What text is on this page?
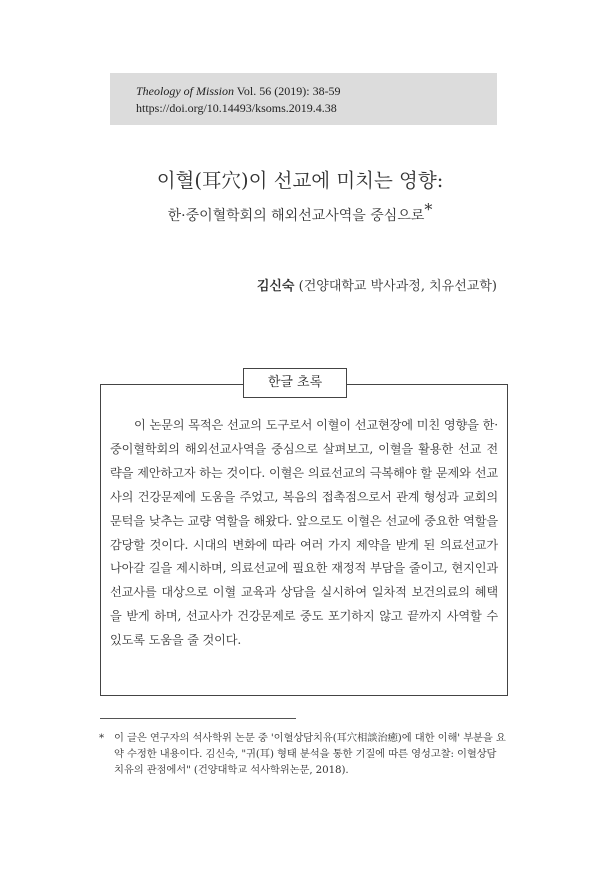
Theology of Mission Vol. 56 (2019): 38-59
https://doi.org/10.14493/ksoms.2019.4.38
이혈(耳穴)이 선교에 미치는 영향:
한·중이혈학회의 해외선교사역을 중심으로*
김신숙 (건양대학교 박사과정, 치유선교학)
한글 초록

이 논문의 목적은 선교의 도구로서 이혈이 선교현장에 미친 영향을 한·중이혈학회의 해외선교사역을 중심으로 살펴보고, 이혈을 활용한 선교 전략을 제안하고자 하는 것이다. 이혈은 의료선교의 극복해야 할 문제와 선교사의 건강문제에 도움을 주었고, 복음의 접촉점으로서 관계 형성과 교회의 문턱을 낮추는 교량 역할을 해왔다. 앞으로도 이혈은 선교에 중요한 역할을 감당할 것이다. 시대의 변화에 따라 여러 가지 제약을 받게 된 의료선교가 나아갈 길을 제시하며, 의료선교에 필요한 재정적 부담을 줄이고, 현지인과 선교사를 대상으로 이혈 교육과 상담을 실시하여 일차적 보건의료의 혜택을 받게 하며, 선교사가 건강문제로 중도 포기하지 않고 끝까지 사역할 수 있도록 도움을 줄 것이다.

* 이 글은 연구자의 석사학위 논문 중 '이혈상담치유(耳穴相談治癒)에 대한 이해' 부분을 요약 수정한 내용이다. 김신숙, "귀(耳) 형태 분석을 통한 기질에 따른 영성고찰: 이혈상담치유의 관점에서" (건양대학교 석사학위논문, 2018).
